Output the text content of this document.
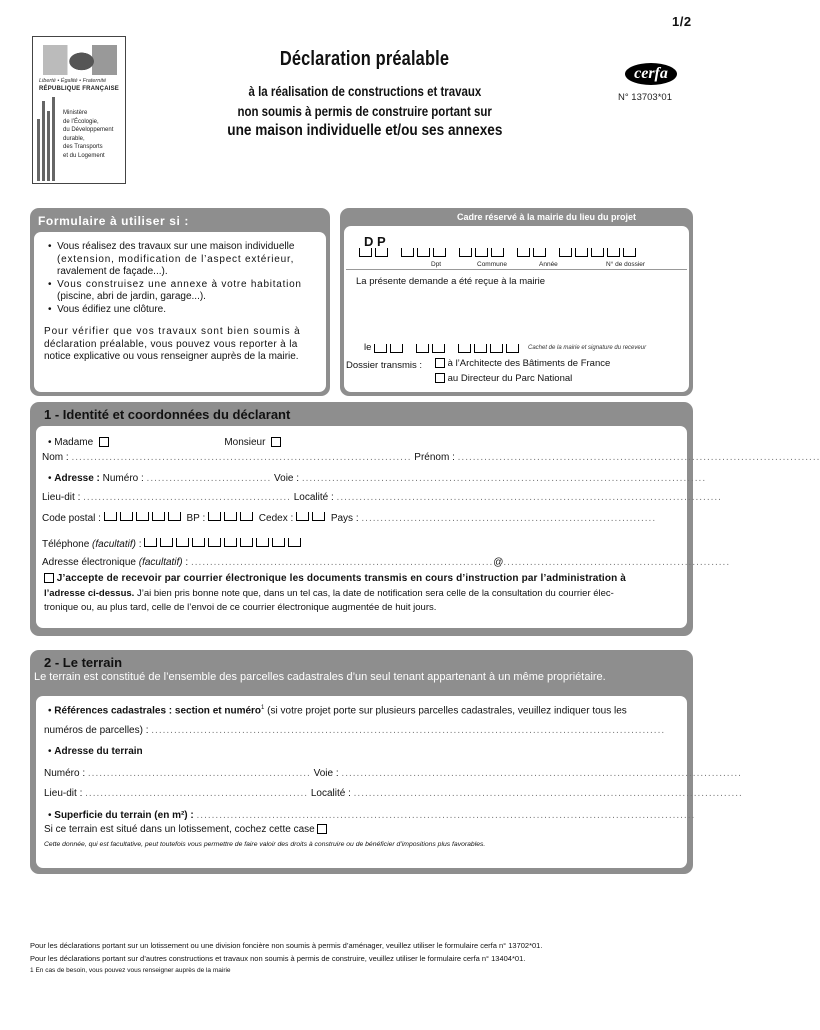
1/2
Liberté • Égalité • Fraternité
RÉPUBLIQUE FRANÇAISE
Ministère
de l’Écologie,
du Développement
durable,
des Transports
et du Logement
Déclaration préalable
à la réalisation de constructions et travaux
non soumis à permis de construire portant sur
une maison individuelle et/ou ses annexes
cerfa
N° 13703*01
Formulaire à utiliser si :
•  Vous réalisez des travaux sur une maison individuelle
(extension, modification de l’aspect extérieur,
ravalement de façade...).
•  Vous construisez une annexe à votre habitation
(piscine, abri de jardin, garage...).
•  Vous édifiez une clôture.
Pour vérifier que vos travaux sont bien soumis à
déclaration préalable, vous pouvez vous reporter à la
notice explicative ou vous renseigner auprès de la mairie.
Cadre réservé à la mairie du lieu du projet
D P
Dpt	Commune	Année	N° de dossier
La présente demande a été reçue à la mairie
le	Cachet de la mairie et signature du receveur
Dossier transmis :	à l’Architecte des Bâtiments de France
au Directeur du Parc National
1 - Identité et coordonnées du déclarant
• Madame	Monsieur
Nom : .......................................................................................... Prénom : ................................................................................................
• Adresse : Numéro : ................................. Voie : ...........................................................................................................
Lieu-dit : ....................................................... Localité : ......................................................................................................
Code postal :	BP :	Cedex :	Pays : ..............................................................................
Téléphone (facultatif) :
Adresse électronique (facultatif) : ................................................................................@............................................................
J’accepte de recevoir par courrier électronique les documents transmis en cours d’instruction par l’administration à
l’adresse ci-dessus. J’ai bien pris bonne note que, dans un tel cas, la date de notification sera celle de la consultation du courrier élec-
tronique ou, au plus tard, celle de l’envoi de ce courrier électronique augmentée de huit jours.
2 - Le terrain
Le terrain est constitué de l’ensemble des parcelles cadastrales d’un seul tenant appartenant à un même propriétaire.
• Références cadastrales : section et numéro$^1$ (si votre projet porte sur plusieurs parcelles cadastrales, veuillez indiquer tous les
numéros de parcelles) : ........................................................................................................................................
• Adresse du terrain
Numéro : ........................................................... Voie : ..........................................................................................................
Lieu-dit : ........................................................... Localité : .......................................................................................................
• Superficie du terrain (en m²) : ....................................................................................................................................
Si ce terrain est situé dans un lotissement, cochez cette case
Cette donnée, qui est facultative, peut toutefois vous permettre de faire valoir des droits à construire ou de bénéficier d’impositions plus favorables.
Pour les déclarations portant sur un lotissement ou une division foncière non soumis à permis d’aménager, veuillez utiliser le formulaire cerfa n° 13702*01.
Pour les déclarations portant sur d’autres constructions et travaux non soumis à permis de construire, veuillez utiliser le formulaire cerfa n° 13404*01.
1 En cas de besoin, vous pouvez vous renseigner auprès de la mairie
